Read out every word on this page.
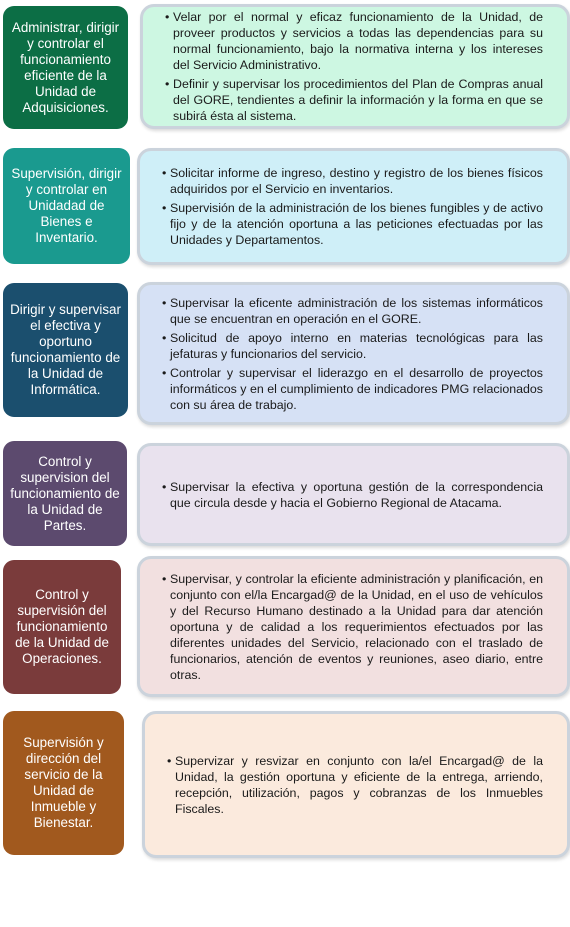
Administrar, dirigir y controlar el funcionamiento eficiente de la Unidad de Adquisiciones.

• Velar por el normal y eficaz funcionamiento de la Unidad, de proveer productos y servicios a todas las dependencias para su normal funcionamiento, bajo la normativa interna y los intereses del Servicio Administrativo.

• Definir y supervisar los procedimientos del Plan de Compras anual del GORE, tendientes a definir la información y la forma en que se subirá ésta al sistema.

Supervisión, dirigir y controlar en Unidadad de Bienes e Inventario.

• Solicitar informe de ingreso, destino y registro de los bienes físicos adquiridos por el Servicio en inventarios.

• Supervisión de la administración de los bienes fungibles y de activo fijo y de la atención oportuna a las peticiones efectuadas por las Unidades y Departamentos.

Dirigir y supervisar el efectiva y oportuno funcionamiento de la Unidad de Informática.

• Supervisar la eficente administración de los sistemas informáticos que se encuentran en operación en el GORE.

• Solicitud de apoyo interno en materias tecnológicas para las jefaturas y funcionarios del servicio.

• Controlar y supervisar el liderazgo en el desarrollo de proyectos informáticos y en el cumplimiento de indicadores PMG relacionados con su área de trabajo.

Control y supervision del funcionamiento de la Unidad de Partes.

• Supervisar la efectiva y oportuna gestión de la correspondencia que circula desde y hacia el Gobierno Regional de Atacama.

Control y supervisión del funcionamiento de la Unidad de Operaciones.

• Supervisar, y controlar la eficiente administración y planificación, en conjunto con el/la Encargad@ de la Unidad, en el uso de vehículos y del Recurso Humano destinado a la Unidad para dar atención oportuna y de calidad a los requerimientos efectuados por las diferentes unidades del Servicio, relacionado con el traslado de funcionarios, atención de eventos y reuniones, aseo diario, entre otras.

Supervisión y dirección del servicio de la Unidad de Inmueble y Bienestar.

• Supervizar y resvizar en conjunto con la/el Encargad@ de la Unidad, la gestión oportuna y eficiente de la entrega, arriendo, recepción, utilización, pagos y cobranzas de los Inmuebles Fiscales.
